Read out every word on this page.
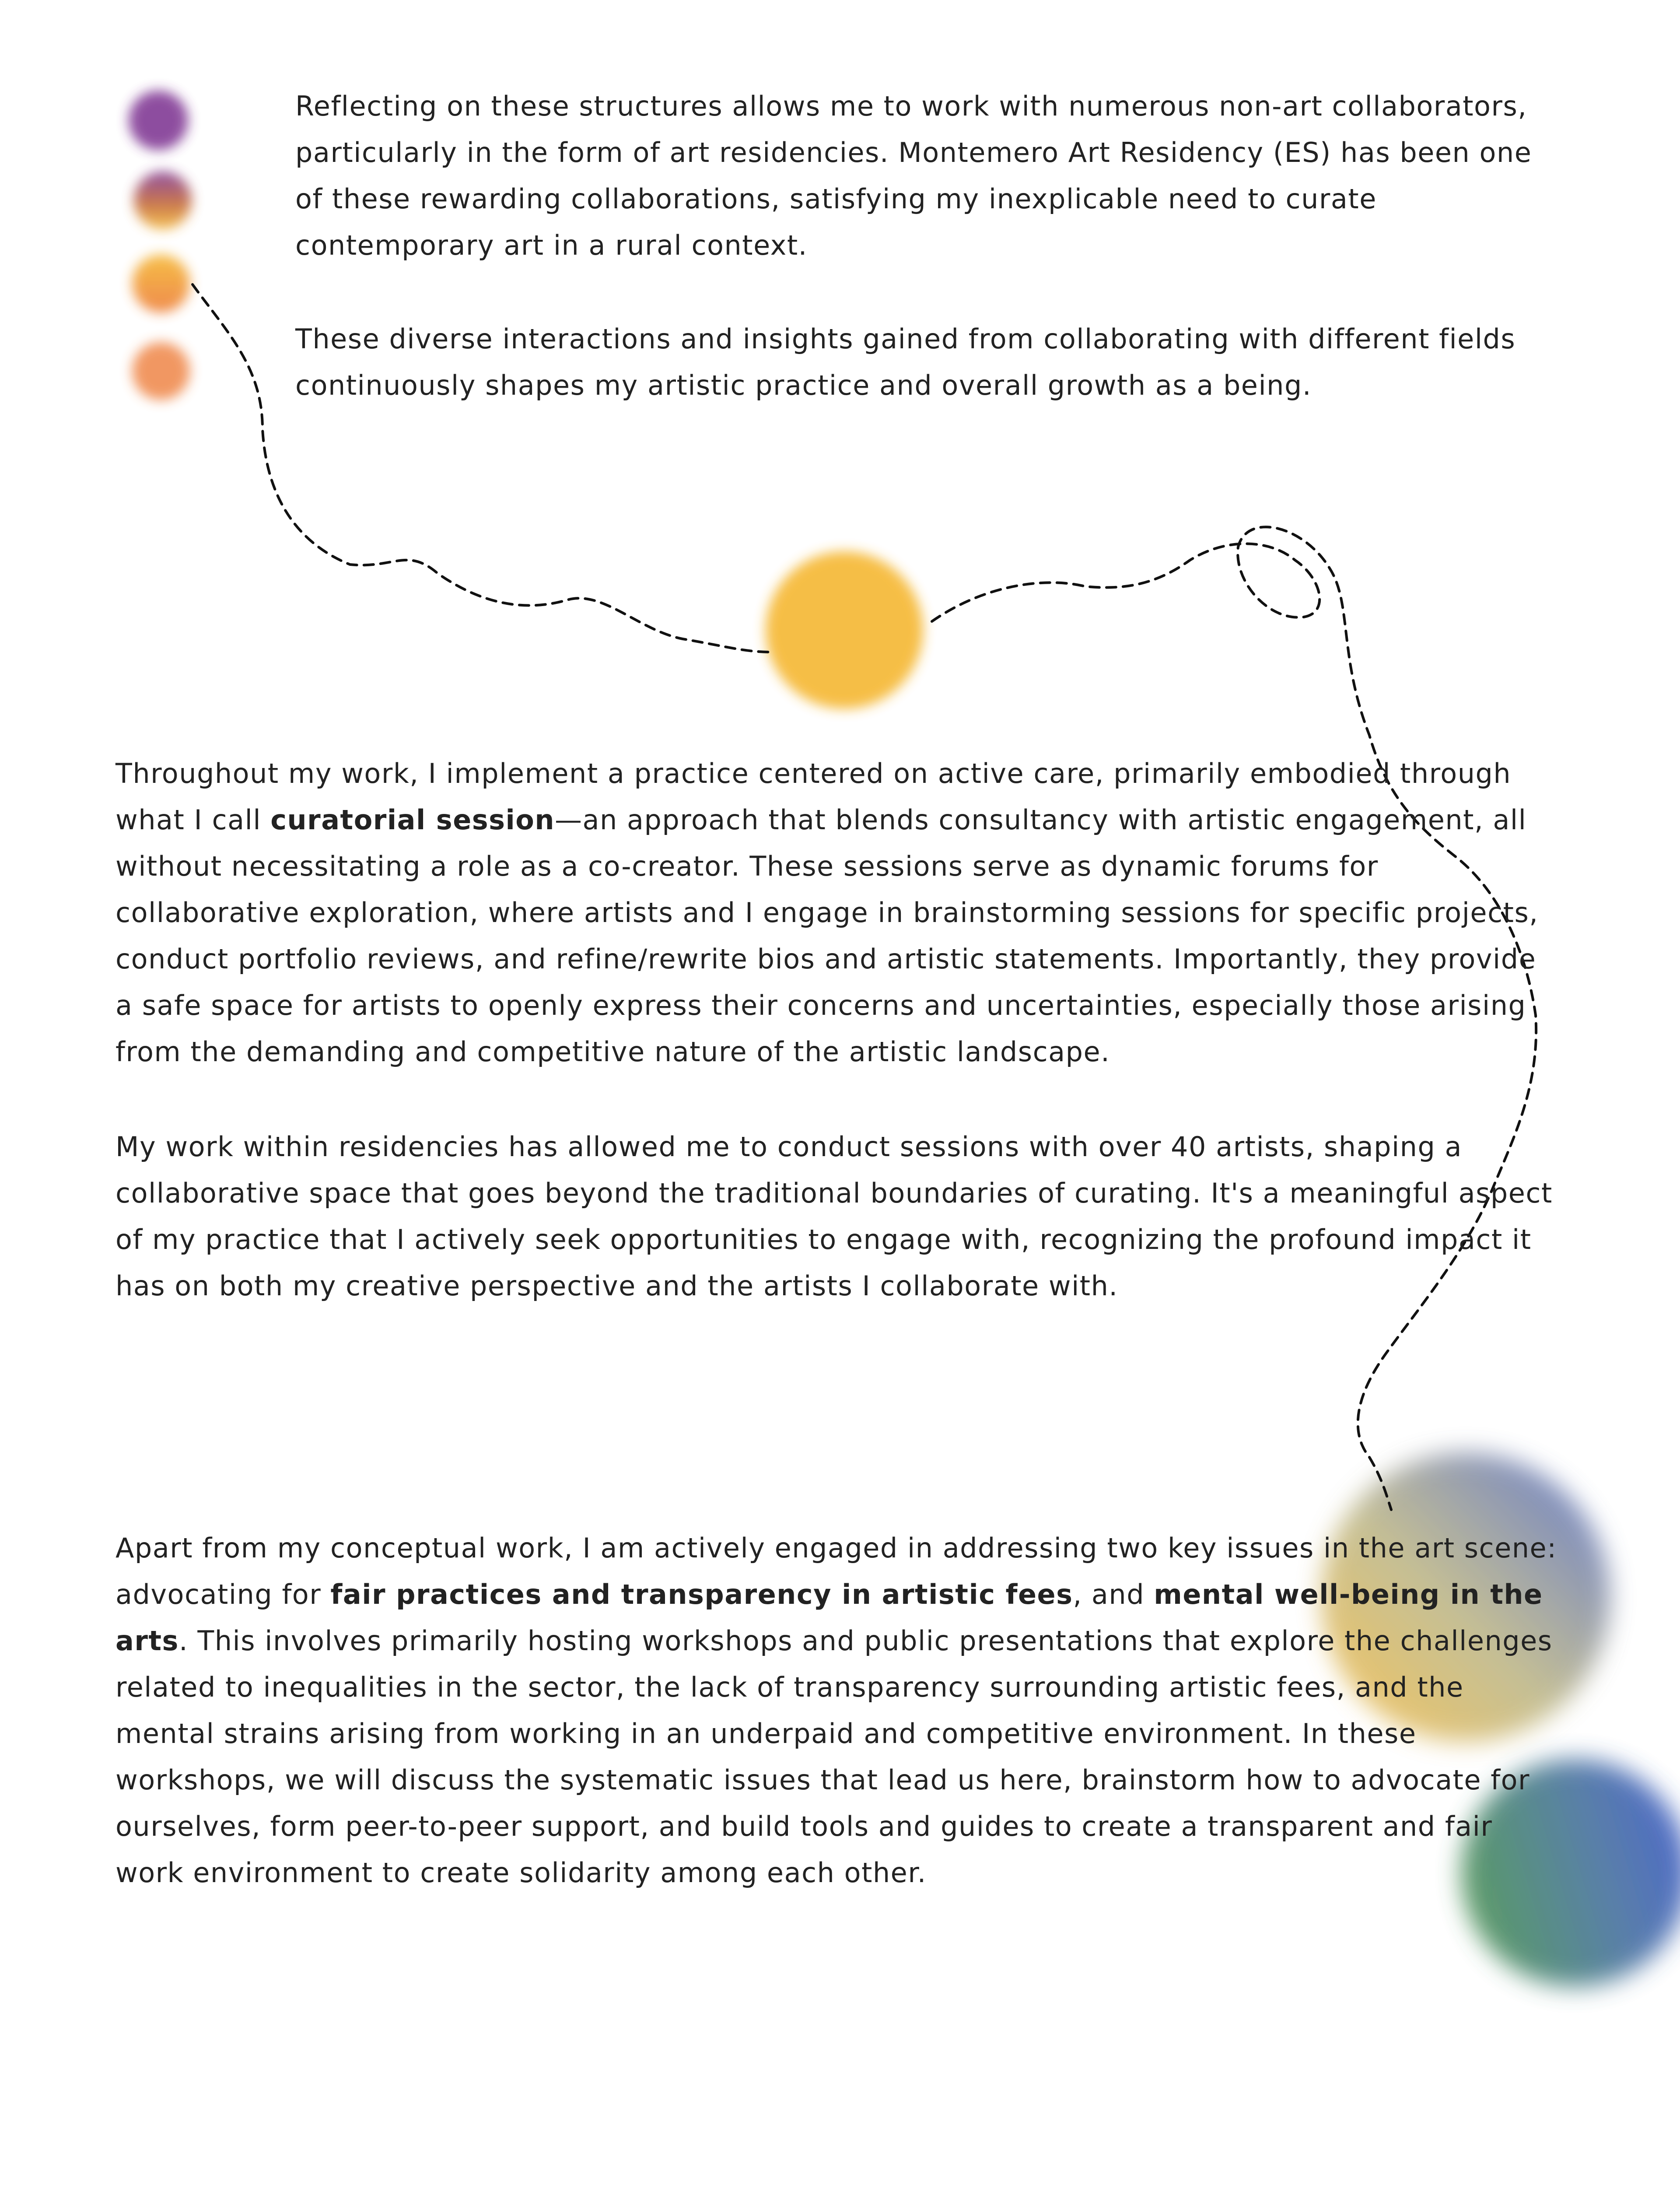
Reflecting on these structures allows me to work with numerous non-art collaborators, particularly in the form of art residencies. Montemero Art Residency (ES) has been one of these rewarding collaborations, satisfying my inexplicable need to curate contemporary art in a rural context.

These diverse interactions and insights gained from collaborating with different fields continuously shapes my artistic practice and overall growth as a being.

Throughout my work, I implement a practice centered on active care, primarily embodied through what I call curatorial session—an approach that blends consultancy with artistic engagement, all without necessitating a role as a co-creator. These sessions serve as dynamic forums for collaborative exploration, where artists and I engage in brainstorming sessions for specific projects, conduct portfolio reviews, and refine/rewrite bios and artistic statements. Importantly, they provide a safe space for artists to openly express their concerns and uncertainties, especially those arising from the demanding and competitive nature of the artistic landscape.

My work within residencies has allowed me to conduct sessions with over 40 artists, shaping a collaborative space that goes beyond the traditional boundaries of curating. It's a meaningful aspect of my practice that I actively seek opportunities to engage with, recognizing the profound impact it has on both my creative perspective and the artists I collaborate with.

Apart from my conceptual work, I am actively engaged in addressing two key issues in the art scene: advocating for fair practices and transparency in artistic fees, and mental well-being in the arts. This involves primarily hosting workshops and public presentations that explore the challenges related to inequalities in the sector, the lack of transparency surrounding artistic fees, and the mental strains arising from working in an underpaid and competitive environment. In these workshops, we will discuss the systematic issues that lead us here, brainstorm how to advocate for ourselves, form peer-to-peer support, and build tools and guides to create a transparent and fair work environment to create solidarity among each other.
